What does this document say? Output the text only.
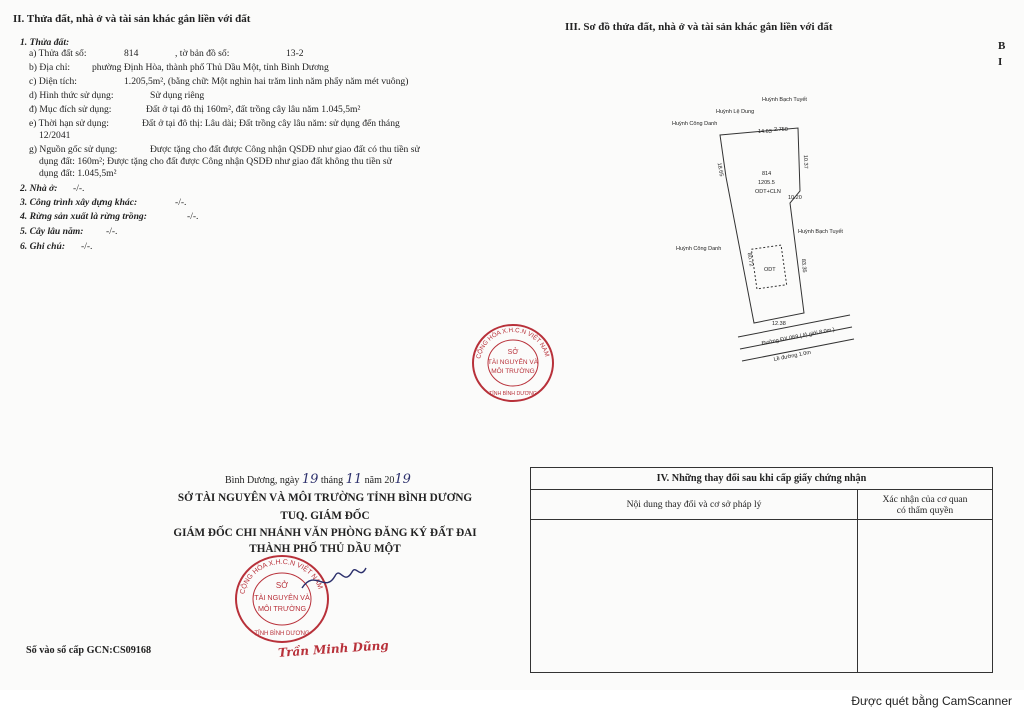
II. Thửa đất, nhà ở và tài sản khác gắn liền với đất
1. Thửa đất:
a) Thửa đất số:	814	, tờ bản đồ số:	13-2
b) Địa chỉ: phường Định Hòa, thành phố Thủ Dầu Một, tỉnh Bình Dương
c) Diện tích:	1.205,5m², (bằng chữ: Một nghìn hai trăm linh năm phẩy năm mét vuông)
d) Hình thức sử dụng:	Sử dụng riêng
đ) Mục đích sử dụng:	Đất ở tại đô thị 160m², đất trồng cây lâu năm 1.045,5m²
e) Thời hạn sử dụng:	Đất ở tại đô thị: Lâu dài; Đất trồng cây lâu năm: sử dụng đến tháng
12/2041
g) Nguồn gốc sử dụng:	Được tặng cho đất được Công nhận QSDĐ như giao đất có thu tiền sử
dụng đất: 160m²; Được tặng cho đất được Công nhận QSDĐ như giao đất không thu tiền sử
dụng đất: 1.045,5m²
2. Nhà ở: -/-.
3. Công trình xây dựng khác:	-/-.
4. Rừng sản xuất là rừng trồng:	-/-.
5. Cây lâu năm: -/-.
6. Ghi chú: -/-.
III. Sơ đồ thửa đất, nhà ở và tài sản khác gắn liền với đất
B I
Huỳnh Bạch Tuyết
Huỳnh Lệ Dung
Huỳnh Công Danh
Huỳnh Công Danh
Huỳnh Bạch Tuyết
814
1205.5
ODT+CLN
ODT
14.63 2.750
18.65
10.37
10.20
83.35
80.72
12.38
Đường ĐX 069 ( lộ giới 8.0m )
Lề đường 1.0m
CỘNG HÒA X.H.C.N VIỆT NAM
SỞ
TÀI NGUYÊN VÀ
MÔI TRƯỜNG
TỈNH BÌNH DƯƠNG
Bình Dương, ngày 19 tháng 11 năm 2019
SỞ TÀI NGUYÊN VÀ MÔI TRƯỜNG TỈNH BÌNH DƯƠNG
TUQ. GIÁM ĐỐC
GIÁM ĐỐC CHI NHÁNH VĂN PHÒNG ĐĂNG KÝ ĐẤT ĐAI
THÀNH PHỐ THỦ DẦU MỘT
CỘNG HÒA X.H.C.N VIỆT NAM
SỞ
TÀI NGUYÊN VÀ
MÔI TRƯỜNG
TỈNH BÌNH DƯƠNG
Trần Minh Dũng
Số vào sổ cấp GCN:CS09168
IV. Những thay đổi sau khi cấp giấy chứng nhận	
Nội dung thay đổi và cơ sở pháp lý	Xác nhận của cơ quan
có thẩm quyền

Được quét bằng CamScanner
